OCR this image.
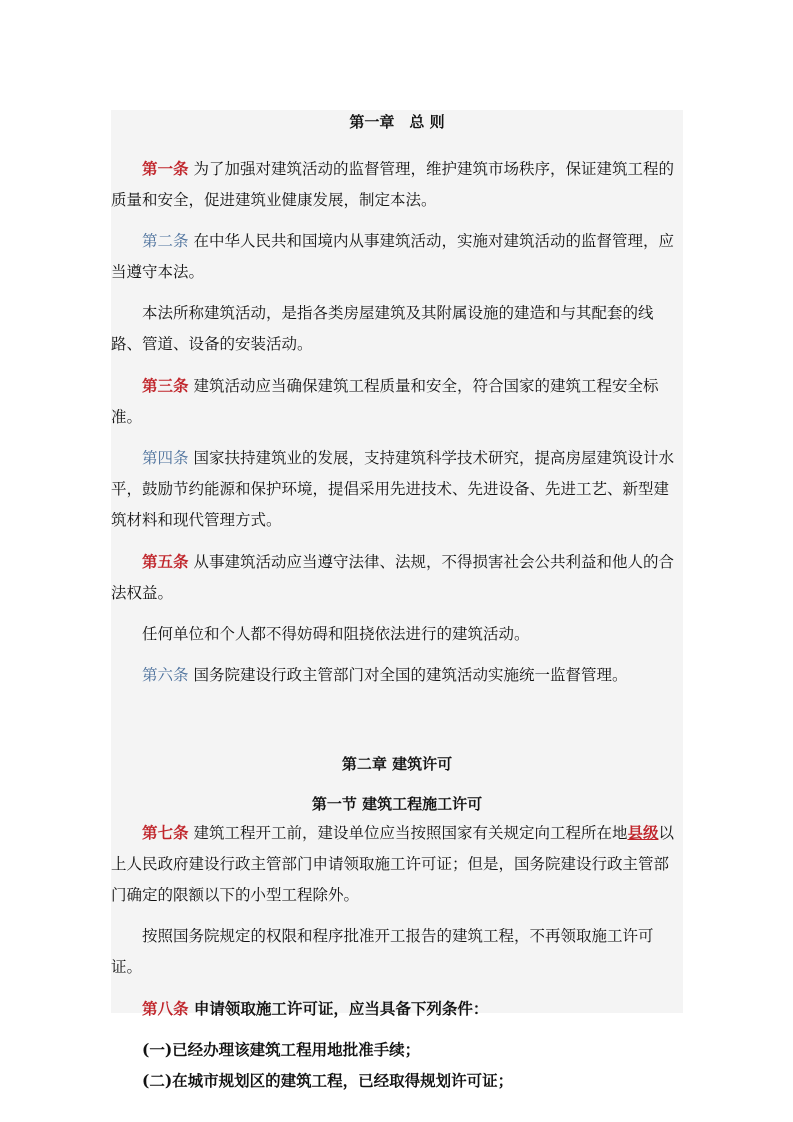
第一章　总 则

第一条 为了加强对建筑活动的监督管理，维护建筑市场秩序，保证建筑工程的质量和安全，促进建筑业健康发展，制定本法。

第二条 在中华人民共和国境内从事建筑活动，实施对建筑活动的监督管理，应当遵守本法。

本法所称建筑活动，是指各类房屋建筑及其附属设施的建造和与其配套的线路、管道、设备的安装活动。

第三条 建筑活动应当确保建筑工程质量和安全，符合国家的建筑工程安全标准。

第四条 国家扶持建筑业的发展，支持建筑科学技术研究，提高房屋建筑设计水平，鼓励节约能源和保护环境，提倡采用先进技术、先进设备、先进工艺、新型建筑材料和现代管理方式。

第五条 从事建筑活动应当遵守法律、法规，不得损害社会公共利益和他人的合法权益。

任何单位和个人都不得妨碍和阻挠依法进行的建筑活动。

第六条 国务院建设行政主管部门对全国的建筑活动实施统一监督管理。

第二章 建筑许可
第一节 建筑工程施工许可

第七条 建筑工程开工前，建设单位应当按照国家有关规定向工程所在地县级以上人民政府建设行政主管部门申请领取施工许可证；但是，国务院建设行政主管部门确定的限额以下的小型工程除外。

按照国务院规定的权限和程序批准开工报告的建筑工程，不再领取施工许可证。

第八条 申请领取施工许可证，应当具备下列条件：

(一)已经办理该建筑工程用地批准手续；

(二)在城市规划区的建筑工程，已经取得规划许可证；
